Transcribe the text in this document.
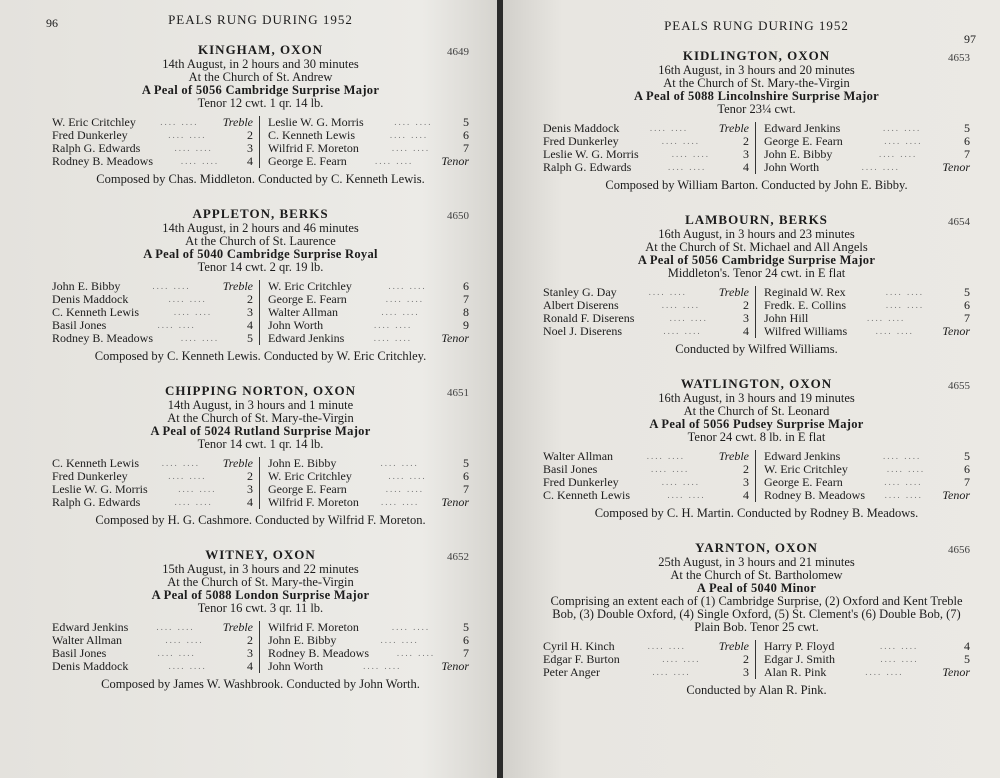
96	PEALS RUNG DURING 1952
KINGHAM, OXON	4649
14th August, in 2 hours and 30 minutes
At the Church of St. Andrew
A Peal of 5056 Cambridge Surprise Major
Tenor 12 cwt. 1 qr. 14 lb.
W. Eric Critchley	.... ....	Treble
Fred Dunkerley	.... ....	2
Ralph G. Edwards	.... ....	3
Rodney B. Meadows	.... ....	4
Leslie W. G. Morris	.... ....	5
C. Kenneth Lewis	.... ....	6
Wilfrid F. Moreton	.... ....	7
George E. Fearn	.... ....	Tenor
Composed by Chas. Middleton. Conducted by C. Kenneth Lewis.
APPLETON, BERKS	4650
14th August, in 2 hours and 46 minutes
At the Church of St. Laurence
A Peal of 5040 Cambridge Surprise Royal
Tenor 14 cwt. 2 qr. 19 lb.
John E. Bibby	.... ....	Treble
Denis Maddock	.... ....	2
C. Kenneth Lewis	.... ....	3
Basil Jones	.... ....	4
Rodney B. Meadows	.... ....	5
W. Eric Critchley	.... ....	6
George E. Fearn	.... ....	7
Walter Allman	.... ....	8
John Worth	.... ....	9
Edward Jenkins	.... ....	Tenor
Composed by C. Kenneth Lewis. Conducted by W. Eric Critchley.
CHIPPING NORTON, OXON	4651
14th August, in 3 hours and 1 minute
At the Church of St. Mary-the-Virgin
A Peal of 5024 Rutland Surprise Major
Tenor 14 cwt. 1 qr. 14 lb.
C. Kenneth Lewis	.... ....	Treble
Fred Dunkerley	.... ....	2
Leslie W. G. Morris	.... ....	3
Ralph G. Edwards	.... ....	4
John E. Bibby	.... ....	5
W. Eric Critchley	.... ....	6
George E. Fearn	.... ....	7
Wilfrid F. Moreton	.... ....	Tenor
Composed by H. G. Cashmore. Conducted by Wilfrid F. Moreton.
WITNEY, OXON	4652
15th August, in 3 hours and 22 minutes
At the Church of St. Mary-the-Virgin
A Peal of 5088 London Surprise Major
Tenor 16 cwt. 3 qr. 11 lb.
Edward Jenkins	.... ....	Treble
Walter Allman	.... ....	2
Basil Jones	.... ....	3
Denis Maddock	.... ....	4
Wilfrid F. Moreton	.... ....	5
John E. Bibby	.... ....	6
Rodney B. Meadows	.... ....	7
John Worth	.... ....	Tenor
Composed by James W. Washbrook. Conducted by John Worth.
PEALS RUNG DURING 1952
97
KIDLINGTON, OXON	4653
16th August, in 3 hours and 20 minutes
At the Church of St. Mary-the-Virgin
A Peal of 5088 Lincolnshire Surprise Major
Tenor 23¼ cwt.
Denis Maddock	.... ....	Treble
Fred Dunkerley	.... ....	2
Leslie W. G. Morris	.... ....	3
Ralph G. Edwards	.... ....	4
Edward Jenkins	.... ....	5
George E. Fearn	.... ....	6
John E. Bibby	.... ....	7
John Worth	.... ....	Tenor
Composed by William Barton. Conducted by John E. Bibby.
LAMBOURN, BERKS	4654
16th August, in 3 hours and 23 minutes
At the Church of St. Michael and All Angels
A Peal of 5056 Cambridge Surprise Major
Middleton's. Tenor 24 cwt. in E flat
Stanley G. Day	.... ....	Treble
Albert Diserens	.... ....	2
Ronald F. Diserens	.... ....	3
Noel J. Diserens	.... ....	4
Reginald W. Rex	.... ....	5
Fredk. E. Collins	.... ....	6
John Hill	.... ....	7
Wilfred Williams	.... ....	Tenor
Conducted by Wilfred Williams.
WATLINGTON, OXON	4655
16th August, in 3 hours and 19 minutes
At the Church of St. Leonard
A Peal of 5056 Pudsey Surprise Major
Tenor 24 cwt. 8 lb. in E flat
Walter Allman	.... ....	Treble
Basil Jones	.... ....	2
Fred Dunkerley	.... ....	3
C. Kenneth Lewis	.... ....	4
Edward Jenkins	.... ....	5
W. Eric Critchley	.... ....	6
George E. Fearn	.... ....	7
Rodney B. Meadows	.... ....	Tenor
Composed by C. H. Martin. Conducted by Rodney B. Meadows.
YARNTON, OXON	4656
25th August, in 3 hours and 21 minutes
At the Church of St. Bartholomew
A Peal of 5040 Minor
Comprising an extent each of (1) Cambridge Surprise, (2) Oxford and Kent Treble Bob, (3) Double Oxford, (4) Single Oxford, (5) St. Clement's (6) Double Bob, (7) Plain Bob. Tenor 25 cwt.
Cyril H. Kinch	.... ....	Treble
Edgar F. Burton	.... ....	2
Peter Anger	.... ....	3
Harry P. Floyd	.... ....	4
Edgar J. Smith	.... ....	5
Alan R. Pink	.... ....	Tenor
Conducted by Alan R. Pink.
